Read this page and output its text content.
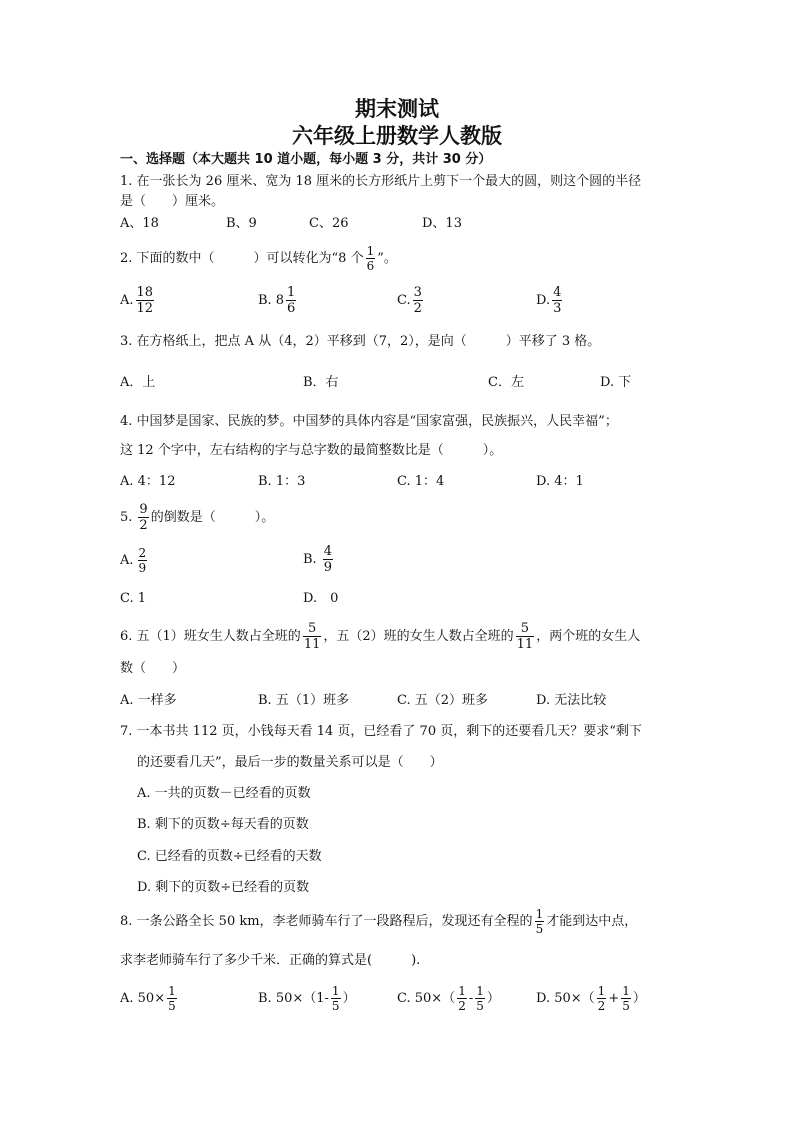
期末测试
六年级上册数学人教版
一、选择题（本大题共 10 道小题，每小题 3 分，共计 30 分）
1. 在一张长为 26 厘米、宽为 18 厘米的长方形纸片上剪下一个最大的圆，则这个圆的半径
是（　　）厘米。
A、18	B、9	C、26	D、13
2. 下面的数中（　　　）可以转化为“8 个 $\frac{1}{6}$ ”。
A. $\frac{18}{12}$	B. $8 \frac{1}{6}$	C. $\frac{3}{2}$	D. $\frac{4}{3}$
3. 在方格纸上，把点 A 从（4，2）平移到（7，2），是向（　　　）平移了 3 格。
A．上	B．右	C．左	D. 下
4. 中国梦是国家、民族的梦。中国梦的具体内容是“国家富强，民族振兴，人民幸福”；
这 12 个字中，左右结构的字与总字数的最简整数比是（　　　）。
A. 4：12	B. 1：3	C. 1：4	D. 4：1
5. $\frac{9}{2}$ 的倒数是（　　　）。
A. $\frac{2}{9}$	B. $\frac{4}{9}$
C. 1	D.　0
6. 五（1）班女生人数占全班的 $\frac{5}{11}$ ，五（2）班的女生人数占全班的 $\frac{5}{11}$ ，两个班的女生人
数（　　）
A. 一样多	B. 五（1）班多	C. 五（2）班多	D. 无法比较
7. 一本书共 112 页，小钱每天看 14 页，已经看了 70 页，剩下的还要看几天？要求“剩下
的还要看几天”，最后一步的数量关系可以是（　　）
A. 一共的页数－已经看的页数
B. 剩下的页数÷每天看的页数
C. 已经看的页数÷已经看的天数
D. 剩下的页数÷已经看的页数
8. 一条公路全长 50 km，李老师骑车行了一段路程后，发现还有全程的 $\frac{1}{5}$ 才能到达中点，
求李老师骑车行了多少千米．正确的算式是(　　　).
A. $50\times \frac{1}{5}$	B. $50\times(1- \frac{1}{5}$ ）	C. $50\times( \frac{1}{2} - \frac{1}{5}$ ）	D. $50\times( \frac{1}{2} + \frac{1}{5}$ ）
